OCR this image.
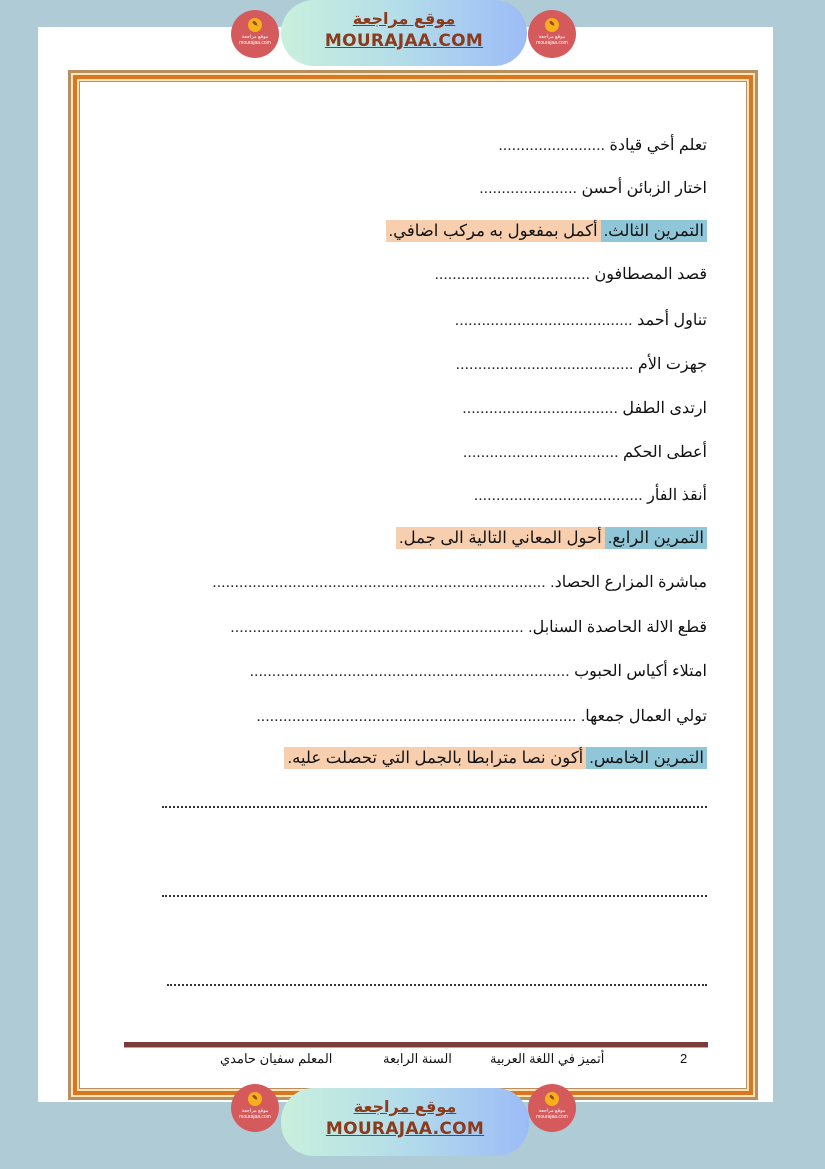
✎
موقع مراجعة mourajaa.com
موقع مراجعة
MOURAJAA.COM
✎
موقع مراجعة mourajaa.com
تعلم أخي قيادة ........................
اختار الزبائن أحسن ......................
التمرين الثالث.أكمل بمفعول به مركب اضافي.
قصد المصطافون ...................................
تناول أحمد ........................................
جهزت الأم ........................................
ارتدى الطفل ...................................
أعطى الحكم ...................................
أنقذ الفأر ......................................
التمرين الرابع.أحول المعاني التالية الى جمل.
مباشرة المزارع الحصاد. ...........................................................................
قطع الالة الحاصدة السنابل. ..................................................................
امتلاء أكياس الحبوب ........................................................................
تولي العمال جمعها. ........................................................................
التمرين الخامس.أكون نصا مترابطا بالجمل التي تحصلت عليه.
2
أتميز في اللغة العربية
السنة الرابعة
المعلم سفيان حامدي
✎
موقع مراجعة mourajaa.com
موقع مراجعة
MOURAJAA.COM
✎
موقع مراجعة mourajaa.com
